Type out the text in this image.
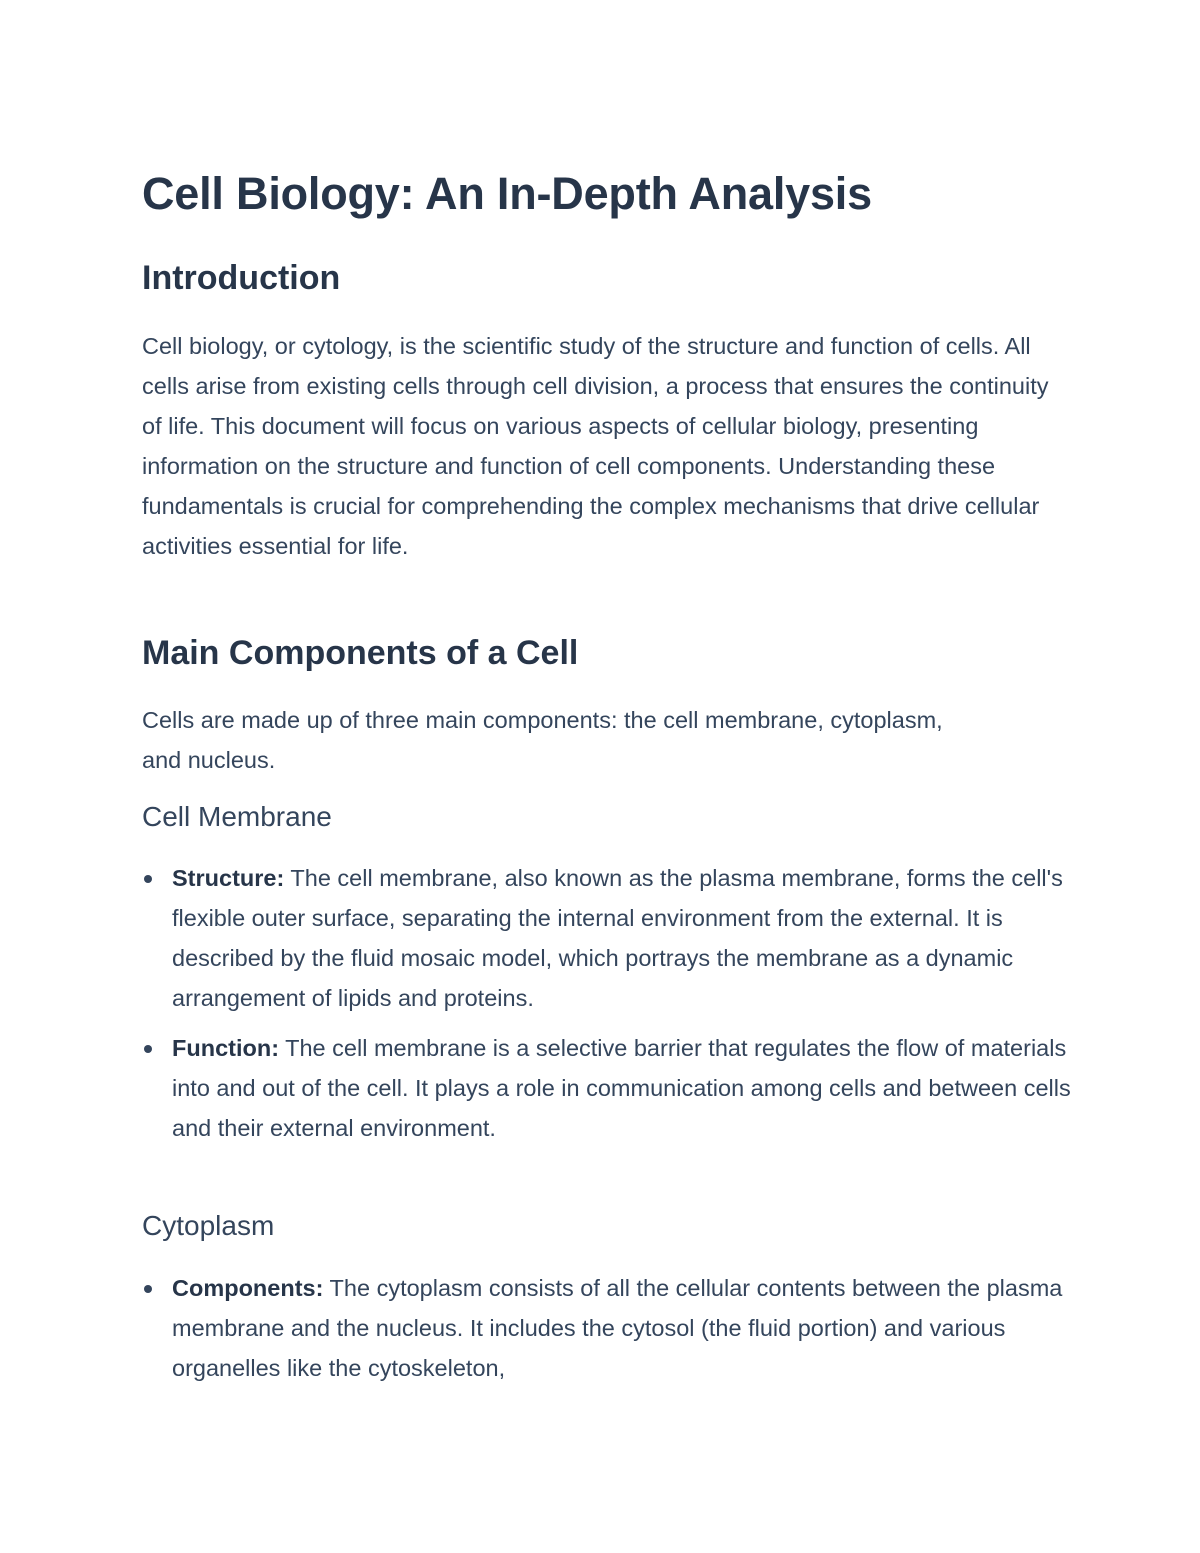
Cell Biology: An In-Depth Analysis
Introduction

Cell biology, or cytology, is the scientific study of the structure and function of cells. All cells arise from existing cells through cell division, a process that ensures the continuity of life. This document will focus on various aspects of cellular biology, presenting information on the structure and function of cell components. Understanding these fundamentals is crucial for comprehending the complex mechanisms that drive cellular activities essential for life.

Main Components of a Cell

Cells are made up of three main components: the cell membrane, cytoplasm, and nucleus.

Cell Membrane
Structure: The cell membrane, also known as the plasma membrane, forms the cell's flexible outer surface, separating the internal environment from the external. It is described by the fluid mosaic model, which portrays the membrane as a dynamic arrangement of lipids and proteins.
Function: The cell membrane is a selective barrier that regulates the flow of materials into and out of the cell. It plays a role in communication among cells and between cells and their external environment.
Cytoplasm
Components: The cytoplasm consists of all the cellular contents between the plasma membrane and the nucleus. It includes the cytosol (the fluid portion) and various organelles like the cytoskeleton,
